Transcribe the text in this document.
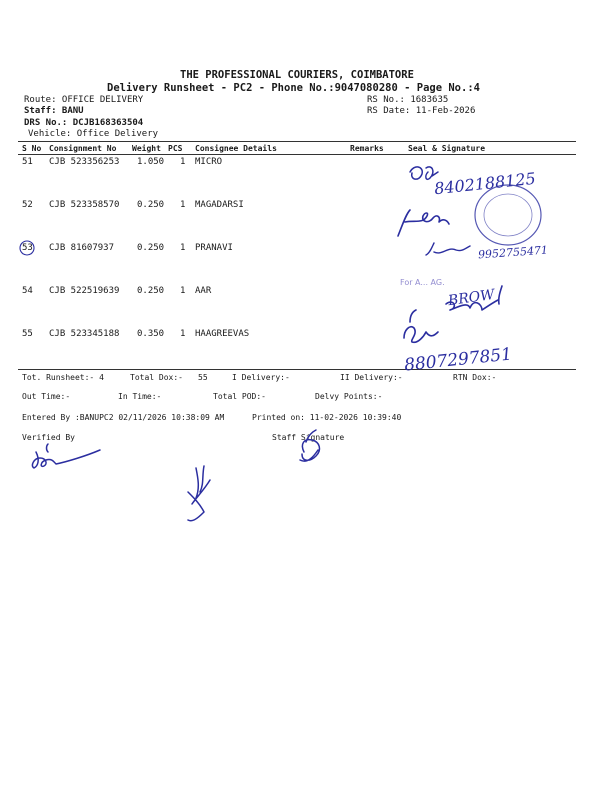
THE PROFESSIONAL COURIERS, COIMBATORE
Delivery Runsheet - PC2 - Phone No.:9047080280 - Page No.:4
Route: OFFICE DELIVERY
Staff: BANU
DRS No.: DCJB168363504
Vehicle: Office Delivery
RS No.: 1683635
RS Date: 11-Feb-2026
S No Consignment No Weight PCS Consignee Details	Remarks	Seal & Signature
51 CJB 523356253 1.050 1 MICRO
52 CJB 523358570 0.250 1 MAGADARSI
53 CJB 81607937	0.250 1 PRANAVI
54 CJB 522519639 0.250 1 AAR
55 CJB 523345188 0.350 1 HAAGREEVAS
Tot. Runsheet:- 4	Total Dox:- 55	I Delivery:-	II Delivery:-	RTN Dox:-
Out Time:-	In Time:-	Total POD:-	Delvy Points:-
Entered By :BANUPC2 02/11/2026 10:38:09 AM	Printed on: 11-02-2026 10:39:40
Verified By	Staff Signature
8402188125
9952755471
For A... AG.
BROW
8807297851
